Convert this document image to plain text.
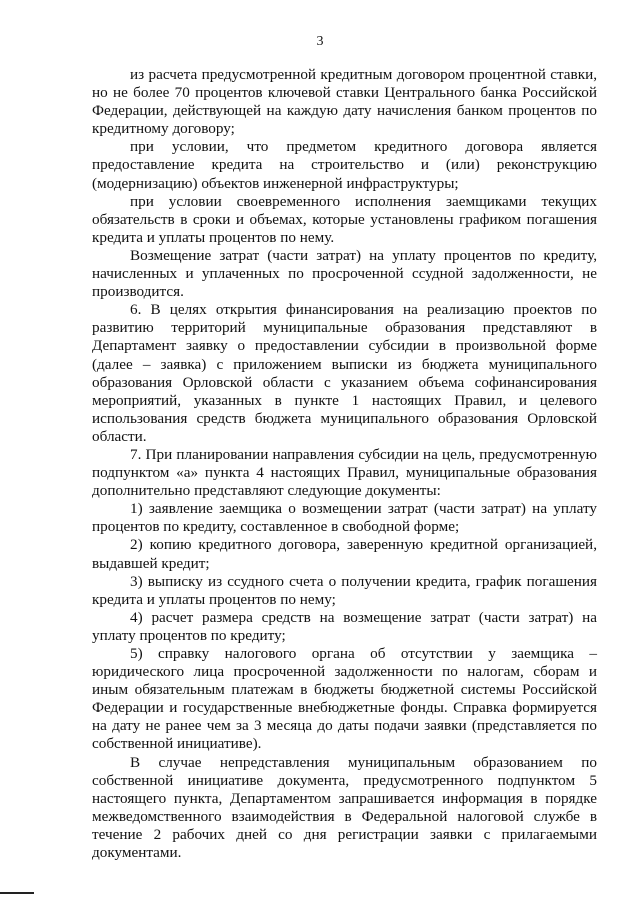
3

из расчета предусмотренной кредитным договором процентной ставки, но не более 70 процентов ключевой ставки Центрального банка Российской Федерации, действующей на каждую дату начисления банком процентов по кредитному договору;

при условии, что предметом кредитного договора является предоставление кредита на строительство и (или) реконструкцию (модернизацию) объектов инженерной инфраструктуры;

при условии своевременного исполнения заемщиками текущих обязательств в сроки и объемах, которые установлены графиком погашения кредита и уплаты процентов по нему.

Возмещение затрат (части затрат) на уплату процентов по кредиту, начисленных и уплаченных по просроченной ссудной задолженности, не производится.

6. В целях открытия финансирования на реализацию проектов по развитию территорий муниципальные образования представляют в Департамент заявку о предоставлении субсидии в произвольной форме (далее – заявка) с приложением выписки из бюджета муниципального образования Орловской области с указанием объема софинансирования мероприятий, указанных в пункте 1 настоящих Правил, и целевого использования средств бюджета муниципального образования Орловской области.

7. При планировании направления субсидии на цель, предусмотренную подпунктом «а» пункта 4 настоящих Правил, муниципальные образования дополнительно представляют следующие документы:

1) заявление заемщика о возмещении затрат (части затрат) на уплату процентов по кредиту, составленное в свободной форме;

2) копию кредитного договора, заверенную кредитной организацией, выдавшей кредит;

3) выписку из ссудного счета о получении кредита, график погашения кредита и уплаты процентов по нему;

4) расчет размера средств на возмещение затрат (части затрат) на уплату процентов по кредиту;

5) справку налогового органа об отсутствии у заемщика – юридического лица просроченной задолженности по налогам, сборам и иным обязательным платежам в бюджеты бюджетной системы Российской Федерации и государственные внебюджетные фонды. Справка формируется на дату не ранее чем за 3 месяца до даты подачи заявки (представляется по собственной инициативе).

В случае непредставления муниципальным образованием по собственной инициативе документа, предусмотренного подпунктом 5 настоящего пункта, Департаментом запрашивается информация в порядке межведомственного взаимодействия в Федеральной налоговой службе в течение 2 рабочих дней со дня регистрации заявки с прилагаемыми документами.
